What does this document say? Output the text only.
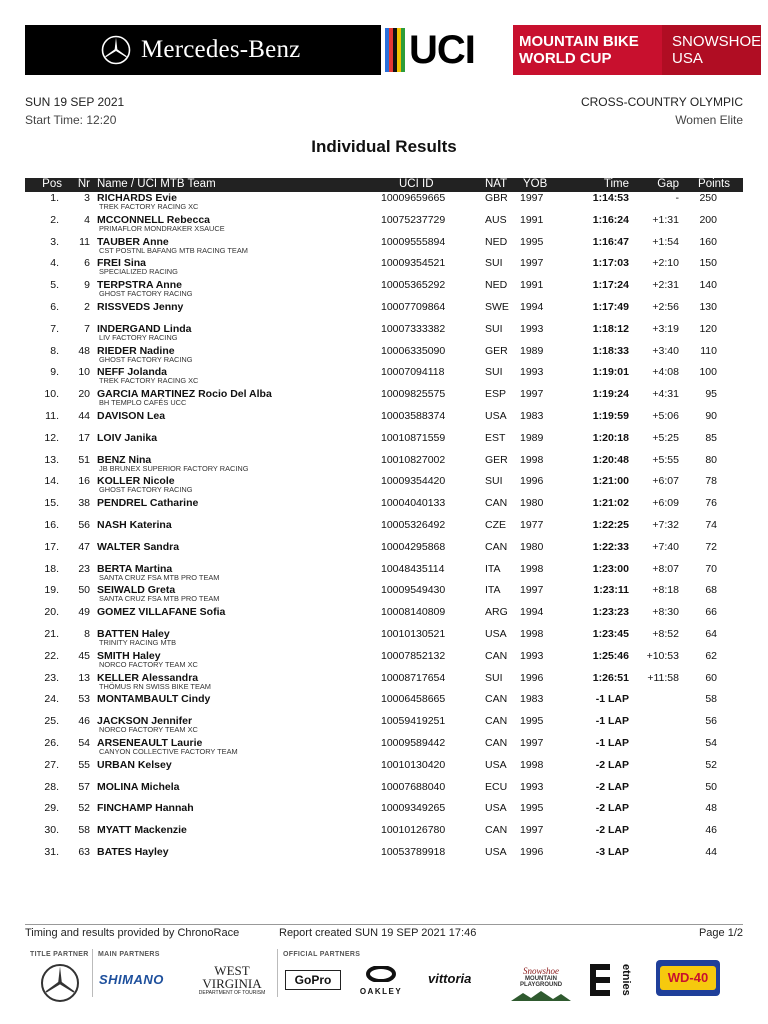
Mercedes-Benz	UCI	MOUNTAIN BIKE
WORLD CUP
SNOWSHOE
USA
SUN 19 SEP 2021
Start Time: 12:20
CROSS-COUNTRY OLYMPIC
Women Elite
Individual Results
Pos Nr Name / UCI MTB Team	UCI ID	NAT YOB	Time Gap Points
1. 3 RICHARDS Evie
TREK FACTORY RACING XC
10009659665	GBR 1997	1:14:53	- 250
2. 4 MCCONNELL Rebecca
PRIMAFLOR MONDRAKER XSAUCE
10075237729	AUS 1991	1:16:24 +1:31 200
3. 11 TAUBER Anne
CST POSTNL BAFANG MTB RACING TEAM
10009555894	NED 1995	1:16:47 +1:54 160
4. 6 FREI Sina
SPECIALIZED RACING
10009354521	SUI 1997	1:17:03 +2:10 150
5. 9 TERPSTRA Anne
GHOST FACTORY RACING
10005365292	NED 1991	1:17:24 +2:31 140
6. 2 RISSVEDS Jenny	10007709864	SWE 1994	1:17:49 +2:56 130
7. 7 INDERGAND Linda
LIV FACTORY RACING
10007333382	SUI 1993	1:18:12 +3:19 120
8. 48 RIEDER Nadine
GHOST FACTORY RACING
10006335090	GER 1989	1:18:33 +3:40 110
9. 10 NEFF Jolanda
TREK FACTORY RACING XC
10007094118	SUI 1993	1:19:01 +4:08 100
10. 20 GARCIA MARTINEZ Rocio Del Alba
BH TEMPLO CAFÉS UCC
10009825575	ESP 1997	1:19:24 +4:31	95
11. 44 DAVISON Lea	10003588374	USA 1983	1:19:59 +5:06	90
12. 17 LOIV Janika	10010871559	EST 1989	1:20:18 +5:25	85
13. 51 BENZ Nina
JB BRUNEX SUPERIOR FACTORY RACING
10010827002	GER 1998	1:20:48 +5:55	80
14. 16 KOLLER Nicole
GHOST FACTORY RACING
10009354420	SUI 1996	1:21:00 +6:07	78
15. 38 PENDREL Catharine	10004040133	CAN 1980	1:21:02 +6:09	76
16. 56 NASH Katerina	10005326492	CZE 1977	1:22:25 +7:32	74
17. 47 WALTER Sandra	10004295868	CAN 1980	1:22:33 +7:40	72
18. 23 BERTA Martina
SANTA CRUZ FSA MTB PRO TEAM
10048435114	ITA 1998	1:23:00 +8:07	70
19. 50 SEIWALD Greta
SANTA CRUZ FSA MTB PRO TEAM
10009549430	ITA 1997	1:23:11 +8:18	68
20. 49 GOMEZ VILLAFANE Sofia	10008140809	ARG 1994	1:23:23 +8:30	66
21. 8 BATTEN Haley
TRINITY RACING MTB
10010130521	USA 1998	1:23:45 +8:52	64
22. 45 SMITH Haley
NORCO FACTORY TEAM XC
10007852132	CAN 1993	1:25:46 +10:53	62
23. 13 KELLER Alessandra
THÖMUS RN SWISS BIKE TEAM
10008717654	SUI 1996	1:26:51 +11:58	60
24. 53 MONTAMBAULT Cindy	10006458665	CAN 1983	-1 LAP	58
25. 46 JACKSON Jennifer
NORCO FACTORY TEAM XC
10059419251	CAN 1995	-1 LAP	56
26. 54 ARSENEAULT Laurie
CANYON COLLECTIVE FACTORY TEAM
10009589442	CAN 1997	-1 LAP	54
27. 55 URBAN Kelsey	10010130420	USA 1998	-2 LAP	52
28. 57 MOLINA Michela	10007688040	ECU 1993	-2 LAP	50
29. 52 FINCHAMP Hannah	10009349265	USA 1995	-2 LAP	48
30. 58 MYATT Mackenzie	10010126780	CAN 1997	-2 LAP	46
31. 63 BATES Hayley	10053789918	USA 1996	-3 LAP	44
Timing and results provided by ChronoRace	Report created SUN 19 SEP 2021 17:46	Page 1/2
TITLE PARTNER MAIN PARTNERS	OFFICIAL PARTNERS
SHIMANO
WEST
VIRGINIA
DEPARTMENT OF TOURISM
GoPro
OAKLEY
vittoria	Snowshoe
MOUNTAIN PLAYGROUND	etnies	WD-40
